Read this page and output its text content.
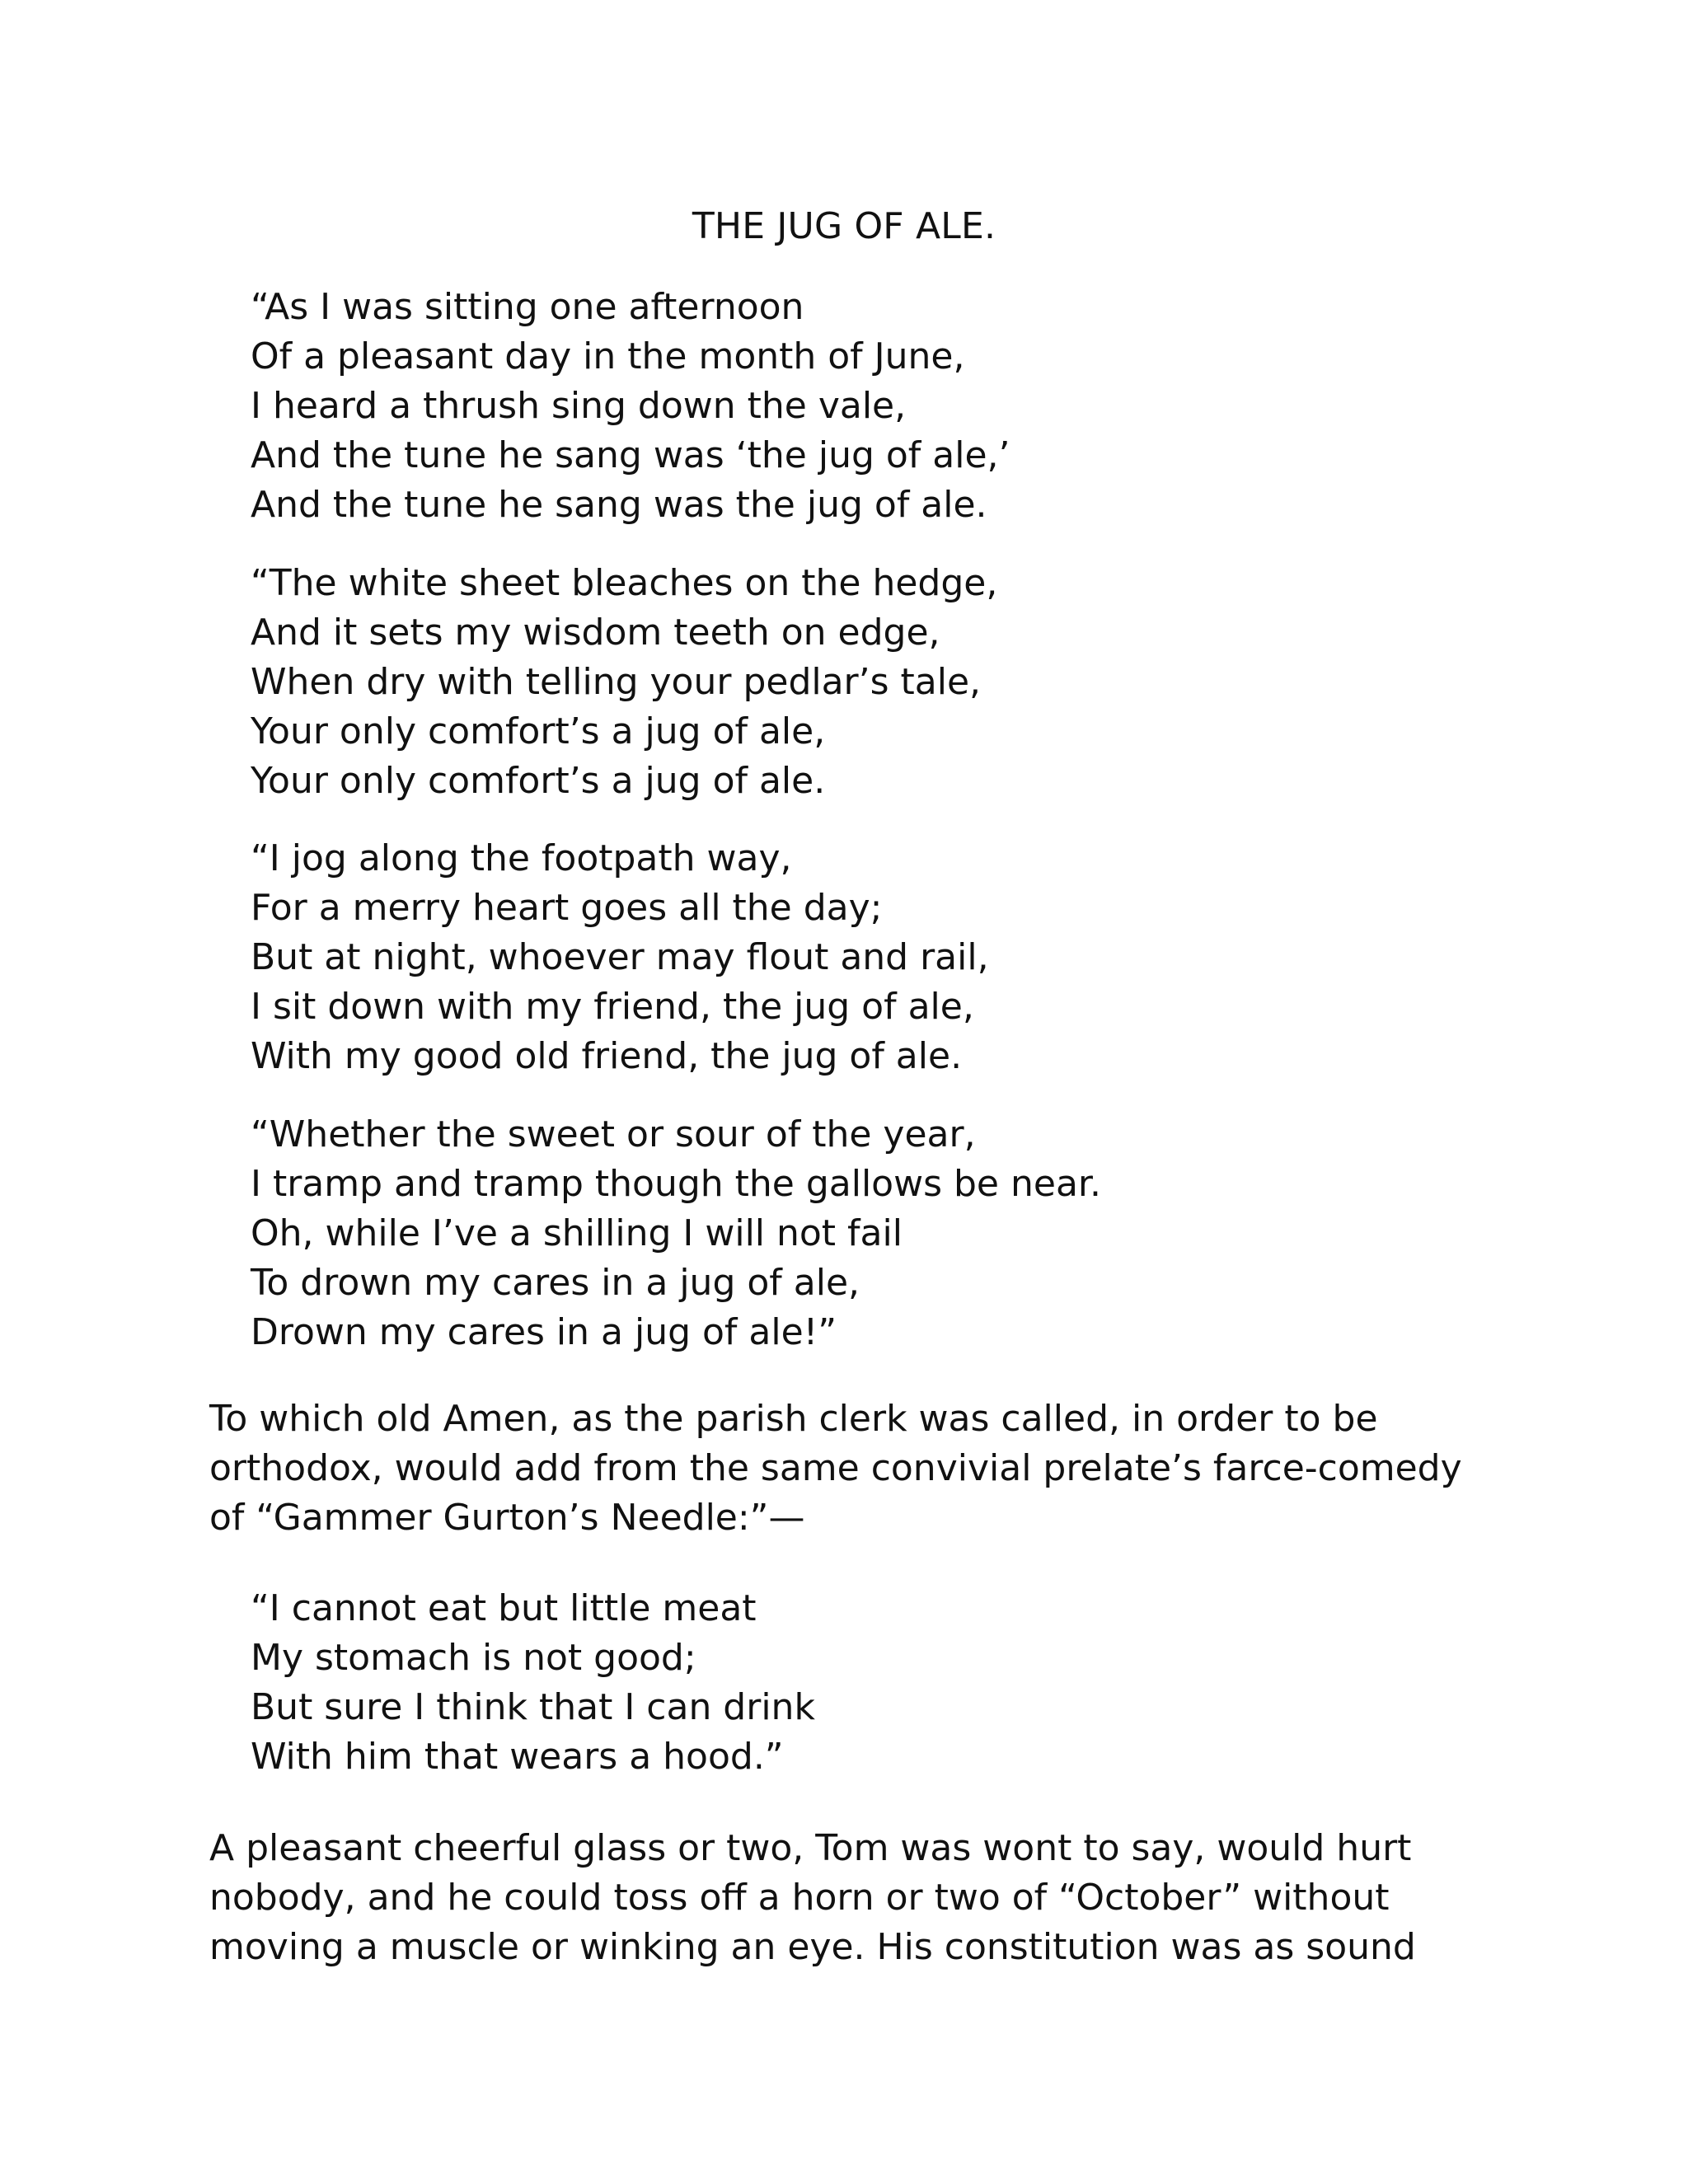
THE JUG OF ALE.
“As I was sitting one afternoon
Of a pleasant day in the month of June,
I heard a thrush sing down the vale,
And the tune he sang was ‘the jug of ale,’
And the tune he sang was the jug of ale.
“The white sheet bleaches on the hedge,
And it sets my wisdom teeth on edge,
When dry with telling your pedlar’s tale,
Your only comfort’s a jug of ale,
Your only comfort’s a jug of ale.
“I jog along the footpath way,
For a merry heart goes all the day;
But at night, whoever may flout and rail,
I sit down with my friend, the jug of ale,
With my good old friend, the jug of ale.
“Whether the sweet or sour of the year,
I tramp and tramp though the gallows be near.
Oh, while I’ve a shilling I will not fail
To drown my cares in a jug of ale,
Drown my cares in a jug of ale!”
To which old Amen, as the parish clerk was called, in order to be
orthodox, would add from the same convivial prelate’s farce-comedy
of “Gammer Gurton’s Needle:”—
“I cannot eat but little meat
My stomach is not good;
But sure I think that I can drink
With him that wears a hood.”
A pleasant cheerful glass or two, Tom was wont to say, would hurt
nobody, and he could toss off a horn or two of “October” without
moving a muscle or winking an eye. His constitution was as sound
